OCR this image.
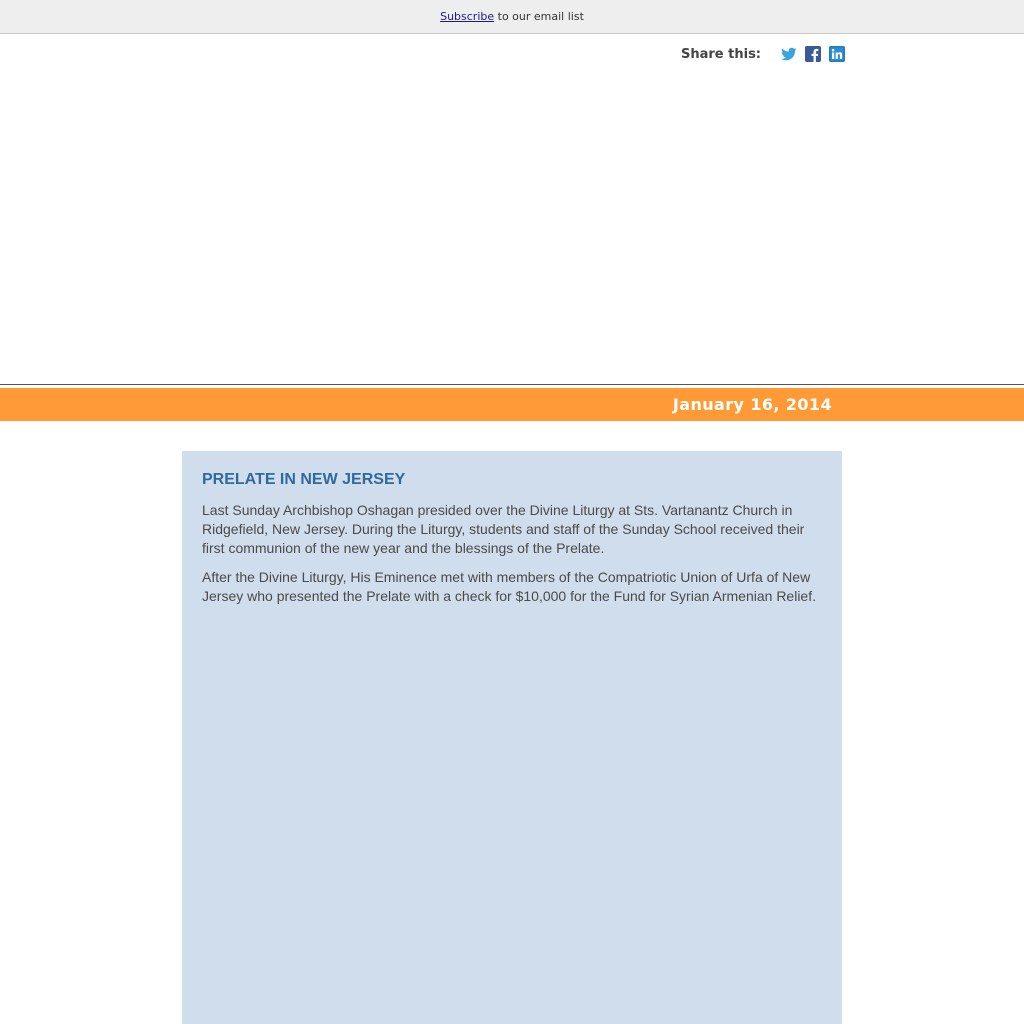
Subscribe to our email list
Share this:
January 16, 2014
PRELATE IN NEW JERSEY

Last Sunday Archbishop Oshagan presided over the Divine Liturgy at Sts. Vartanantz Church in Ridgefield, New Jersey. During the Liturgy, students and staff of the Sunday School received their first communion of the new year and the blessings of the Prelate.

After the Divine Liturgy, His Eminence met with members of the Compatriotic Union of Urfa of New Jersey who presented the Prelate with a check for $10,000 for the Fund for Syrian Armenian Relief.
